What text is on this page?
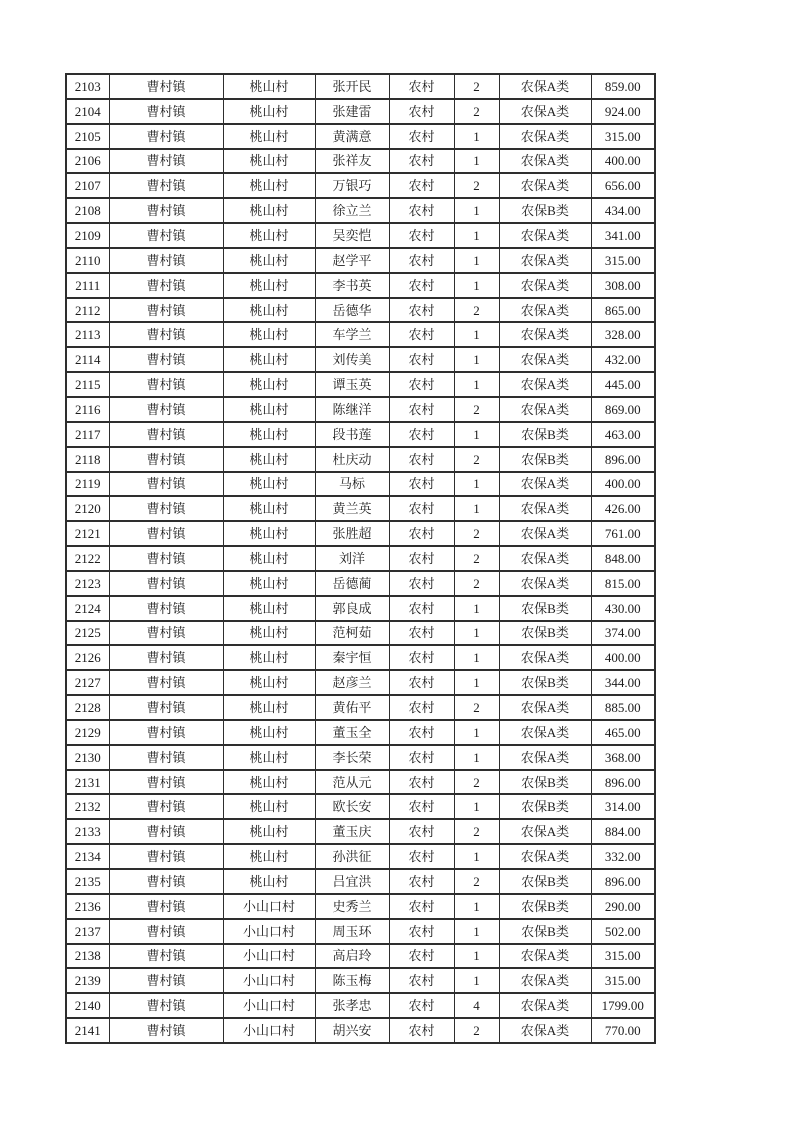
2103	曹村镇	桃山村	张开民	农村	2	农保A类	859.00
2104	曹村镇	桃山村	张建雷	农村	2	农保A类	924.00
2105	曹村镇	桃山村	黄满意	农村	1	农保A类	315.00
2106	曹村镇	桃山村	张祥友	农村	1	农保A类	400.00
2107	曹村镇	桃山村	万银巧	农村	2	农保A类	656.00
2108	曹村镇	桃山村	徐立兰	农村	1	农保B类	434.00
2109	曹村镇	桃山村	吴奕恺	农村	1	农保A类	341.00
2110	曹村镇	桃山村	赵学平	农村	1	农保A类	315.00
2111	曹村镇	桃山村	李书英	农村	1	农保A类	308.00
2112	曹村镇	桃山村	岳德华	农村	2	农保A类	865.00
2113	曹村镇	桃山村	车学兰	农村	1	农保A类	328.00
2114	曹村镇	桃山村	刘传美	农村	1	农保A类	432.00
2115	曹村镇	桃山村	谭玉英	农村	1	农保A类	445.00
2116	曹村镇	桃山村	陈继洋	农村	2	农保A类	869.00
2117	曹村镇	桃山村	段书莲	农村	1	农保B类	463.00
2118	曹村镇	桃山村	杜庆动	农村	2	农保B类	896.00
2119	曹村镇	桃山村	马标	农村	1	农保A类	400.00
2120	曹村镇	桃山村	黄兰英	农村	1	农保A类	426.00
2121	曹村镇	桃山村	张胜超	农村	2	农保A类	761.00
2122	曹村镇	桃山村	刘洋	农村	2	农保A类	848.00
2123	曹村镇	桃山村	岳德蔺	农村	2	农保A类	815.00
2124	曹村镇	桃山村	郭良成	农村	1	农保B类	430.00
2125	曹村镇	桃山村	范柯茹	农村	1	农保B类	374.00
2126	曹村镇	桃山村	秦宇恒	农村	1	农保A类	400.00
2127	曹村镇	桃山村	赵彦兰	农村	1	农保B类	344.00
2128	曹村镇	桃山村	黄佑平	农村	2	农保A类	885.00
2129	曹村镇	桃山村	董玉全	农村	1	农保A类	465.00
2130	曹村镇	桃山村	李长荣	农村	1	农保A类	368.00
2131	曹村镇	桃山村	范从元	农村	2	农保B类	896.00
2132	曹村镇	桃山村	欧长安	农村	1	农保B类	314.00
2133	曹村镇	桃山村	董玉庆	农村	2	农保A类	884.00
2134	曹村镇	桃山村	孙洪征	农村	1	农保A类	332.00
2135	曹村镇	桃山村	吕宜洪	农村	2	农保B类	896.00
2136	曹村镇	小山口村	史秀兰	农村	1	农保B类	290.00
2137	曹村镇	小山口村	周玉环	农村	1	农保B类	502.00
2138	曹村镇	小山口村	高启玲	农村	1	农保A类	315.00
2139	曹村镇	小山口村	陈玉梅	农村	1	农保A类	315.00
2140	曹村镇	小山口村	张孝忠	农村	4	农保A类	1799.00
2141	曹村镇	小山口村	胡兴安	农村	2	农保A类	770.00
